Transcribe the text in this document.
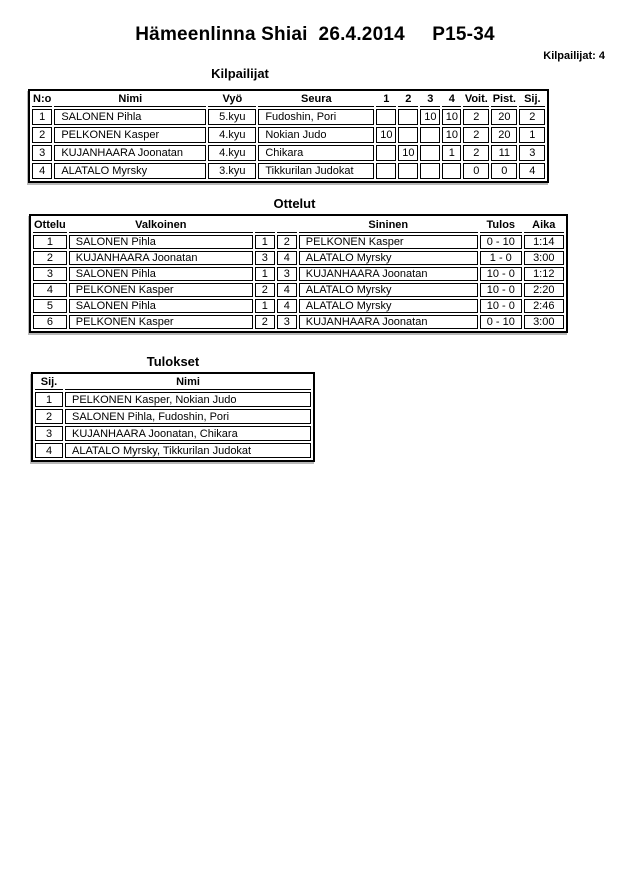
Hämeenlinna Shiai  26.4.2014     P15-34
Kilpailijat: 4
Kilpailijat
N:o	Nimi	Vyö	Seura	1	2	3	4	Voit.	Pist.	Sij.
1	SALONEN Pihla	5.kyu	Fudoshin, Pori			10	10	2	20	2
2	PELKONEN Kasper	4.kyu	Nokian Judo	10			10	2	20	1
3	KUJANHAARA Joonatan	4.kyu	Chikara		10		1	2	11	3
4	ALATALO Myrsky	3.kyu	Tikkurilan Judokat					0	0	4
Ottelut
Ottelu	Valkoinen			Sininen	Tulos	Aika
1	SALONEN Pihla	1	2	PELKONEN Kasper	0 - 10	1:14
2	KUJANHAARA Joonatan	3	4	ALATALO Myrsky	1 - 0	3:00
3	SALONEN Pihla	1	3	KUJANHAARA Joonatan	10 - 0	1:12
4	PELKONEN Kasper	2	4	ALATALO Myrsky	10 - 0	2:20
5	SALONEN Pihla	1	4	ALATALO Myrsky	10 - 0	2:46
6	PELKONEN Kasper	2	3	KUJANHAARA Joonatan	0 - 10	3:00
Tulokset
Sij.	Nimi
1	PELKONEN Kasper, Nokian Judo
2	SALONEN Pihla, Fudoshin, Pori
3	KUJANHAARA Joonatan, Chikara
4	ALATALO Myrsky, Tikkurilan Judokat
